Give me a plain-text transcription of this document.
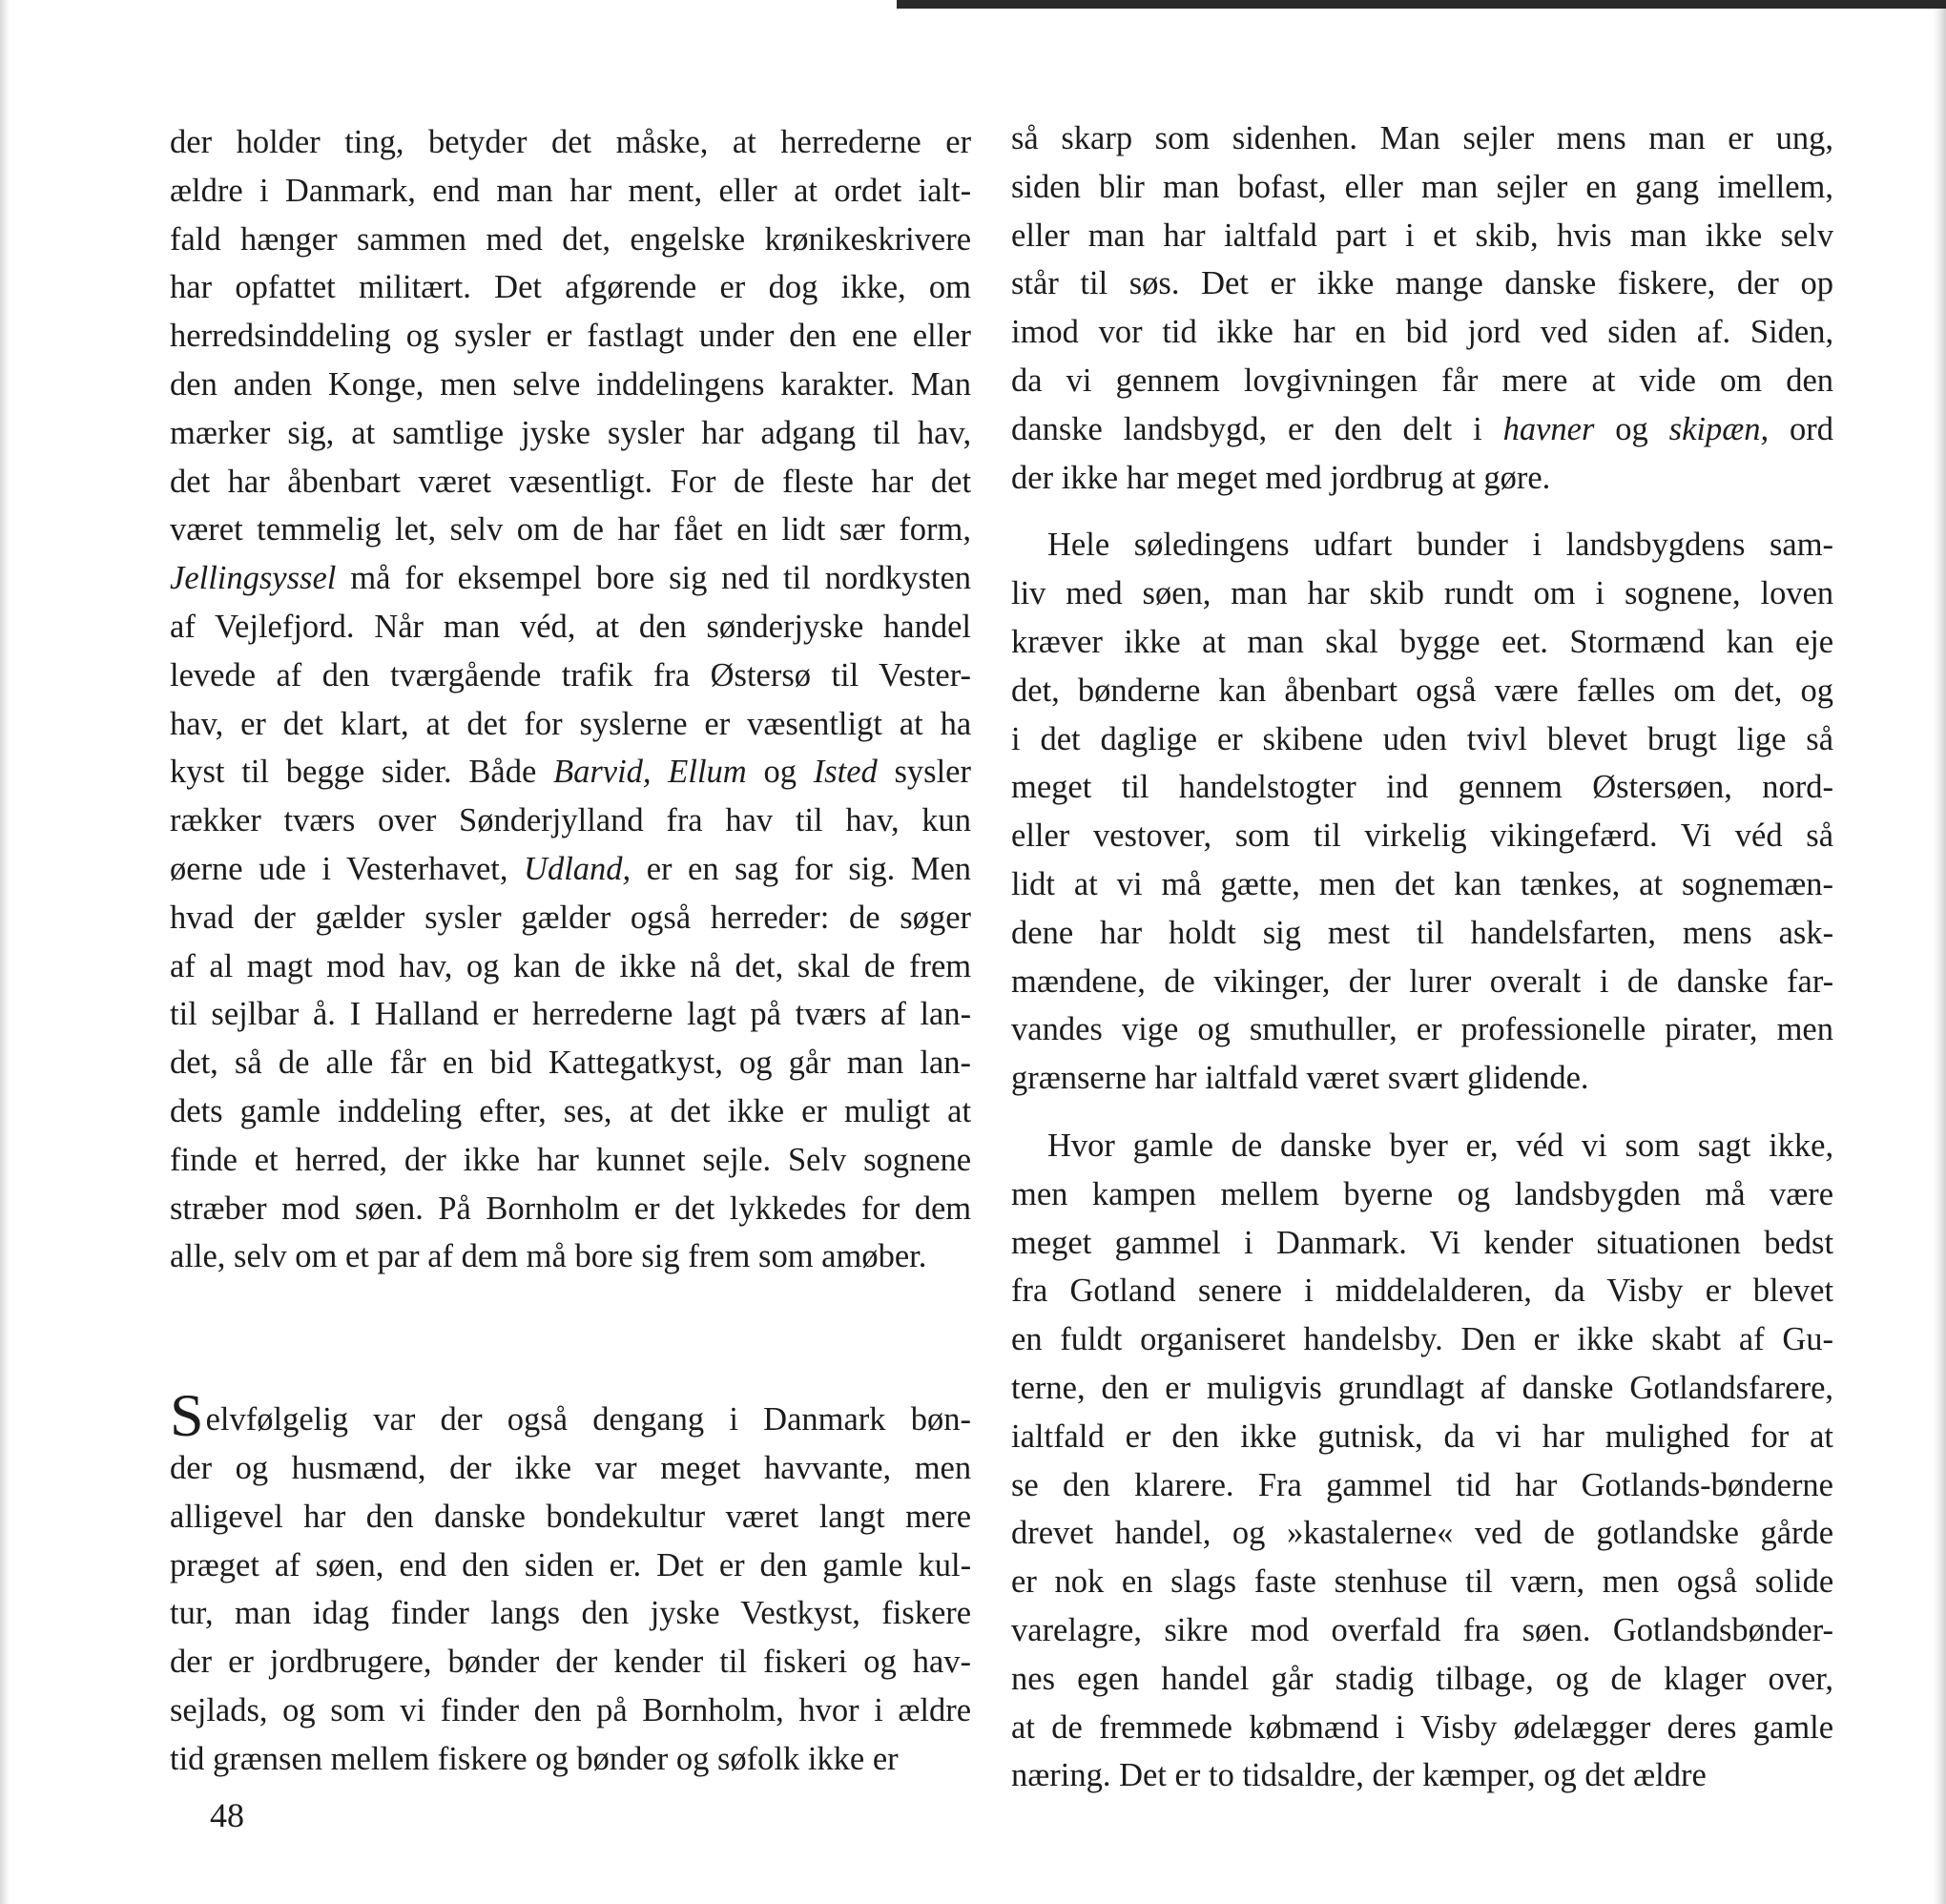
der holder ting, betyder det måske, at herrederne er
ældre i Danmark, end man har ment, eller at ordet ialt-
fald hænger sammen med det, engelske krønikeskrivere
har opfattet militært. Det afgørende er dog ikke, om
herredsinddeling og sysler er fastlagt under den ene eller
den anden Konge, men selve inddelingens karakter. Man
mærker sig, at samtlige jyske sysler har adgang til hav,
det har åbenbart været væsentligt. For de fleste har det
været temmelig let, selv om de har fået en lidt sær form,
Jellingsyssel må for eksempel bore sig ned til nordkysten
af Vejlefjord. Når man véd, at den sønderjyske handel
levede af den tværgående trafik fra Østersø til Vester-
hav, er det klart, at det for syslerne er væsentligt at ha
kyst til begge sider. Både Barvid, Ellum og Isted sysler
rækker tværs over Sønderjylland fra hav til hav, kun
øerne ude i Vesterhavet, Udland, er en sag for sig. Men
hvad der gælder sysler gælder også herreder: de søger
af al magt mod hav, og kan de ikke nå det, skal de frem
til sejlbar å. I Halland er herrederne lagt på tværs af lan-
det, så de alle får en bid Kattegatkyst, og går man lan-
dets gamle inddeling efter, ses, at det ikke er muligt at
finde et herred, der ikke har kunnet sejle. Selv sognene
stræber mod søen. På Bornholm er det lykkedes for dem
alle, selv om et par af dem må bore sig frem som amøber.
Selvfølgelig var der også dengang i Danmark bøn-
der og husmænd, der ikke var meget havvante, men
alligevel har den danske bondekultur været langt mere
præget af søen, end den siden er. Det er den gamle kul-
tur, man idag finder langs den jyske Vestkyst, fiskere
der er jordbrugere, bønder der kender til fiskeri og hav-
sejlads, og som vi finder den på Bornholm, hvor i ældre
tid grænsen mellem fiskere og bønder og søfolk ikke er
så skarp som sidenhen. Man sejler mens man er ung,
siden blir man bofast, eller man sejler en gang imellem,
eller man har ialtfald part i et skib, hvis man ikke selv
står til søs. Det er ikke mange danske fiskere, der op
imod vor tid ikke har en bid jord ved siden af. Siden,
da vi gennem lovgivningen får mere at vide om den
danske landsbygd, er den delt i havner og skipæn, ord
der ikke har meget med jordbrug at gøre.
Hele søledingens udfart bunder i landsbygdens sam-
liv med søen, man har skib rundt om i sognene, loven
kræver ikke at man skal bygge eet. Stormænd kan eje
det, bønderne kan åbenbart også være fælles om det, og
i det daglige er skibene uden tvivl blevet brugt lige så
meget til handelstogter ind gennem Østersøen, nord-
eller vestover, som til virkelig vikingefærd. Vi véd så
lidt at vi må gætte, men det kan tænkes, at sognemæn-
dene har holdt sig mest til handelsfarten, mens ask-
mændene, de vikinger, der lurer overalt i de danske far-
vandes vige og smuthuller, er professionelle pirater, men
grænserne har ialtfald været svært glidende.
Hvor gamle de danske byer er, véd vi som sagt ikke,
men kampen mellem byerne og landsbygden må være
meget gammel i Danmark. Vi kender situationen bedst
fra Gotland senere i middelalderen, da Visby er blevet
en fuldt organiseret handelsby. Den er ikke skabt af Gu-
terne, den er muligvis grundlagt af danske Gotlandsfarere,
ialtfald er den ikke gutnisk, da vi har mulighed for at
se den klarere. Fra gammel tid har Gotlands-bønderne
drevet handel, og »kastalerne« ved de gotlandske gårde
er nok en slags faste stenhuse til værn, men også solide
varelagre, sikre mod overfald fra søen. Gotlandsbønder-
nes egen handel går stadig tilbage, og de klager over,
at de fremmede købmænd i Visby ødelægger deres gamle
næring. Det er to tidsaldre, der kæmper, og det ældre
48
